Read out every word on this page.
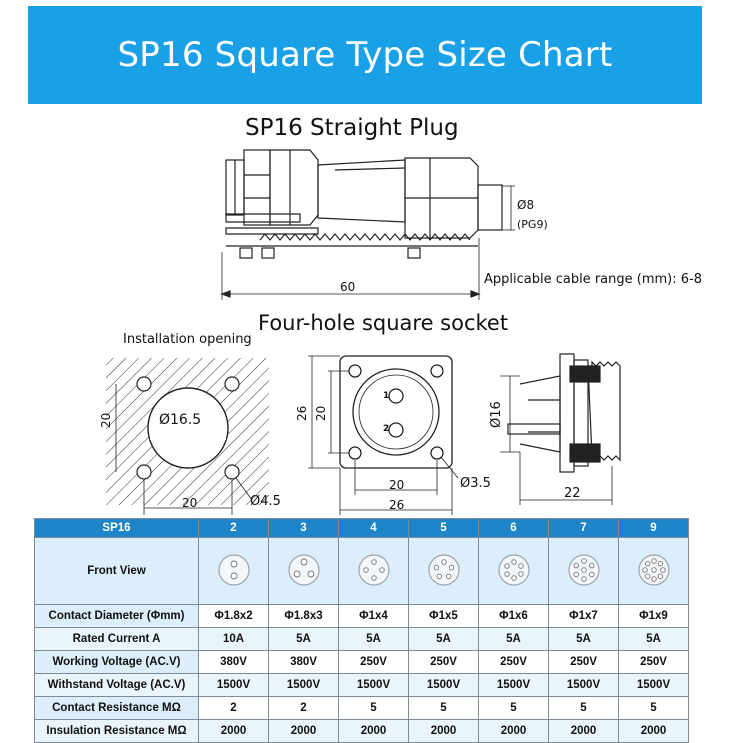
SP16 Square Type Size Chart
SP16 Straight Plug
Four-hole square socket
Installation opening
Ø8
(PG9)
60	Applicable cable range (mm): 6-8
Ø16.5
20
20	Ø4.5
26 20
1
2
20
26
Ø3.5
Ø16
22
SP16	2	3	4	5	6	7	9
Front View							
Contact Diameter (Φmm)	Φ1.8x2	Φ1.8x3	Φ1x4	Φ1x5	Φ1x6	Φ1x7	Φ1x9
Rated Current A	10A	5A	5A	5A	5A	5A	5A
Working Voltage (AC.V)	380V	380V	250V	250V	250V	250V	250V
Withstand Voltage (AC.V)	1500V	1500V	1500V	1500V	1500V	1500V	1500V
Contact Resistance MΩ	2	2	5	5	5	5	5
Insulation Resistance MΩ	2000	2000	2000	2000	2000	2000	2000
